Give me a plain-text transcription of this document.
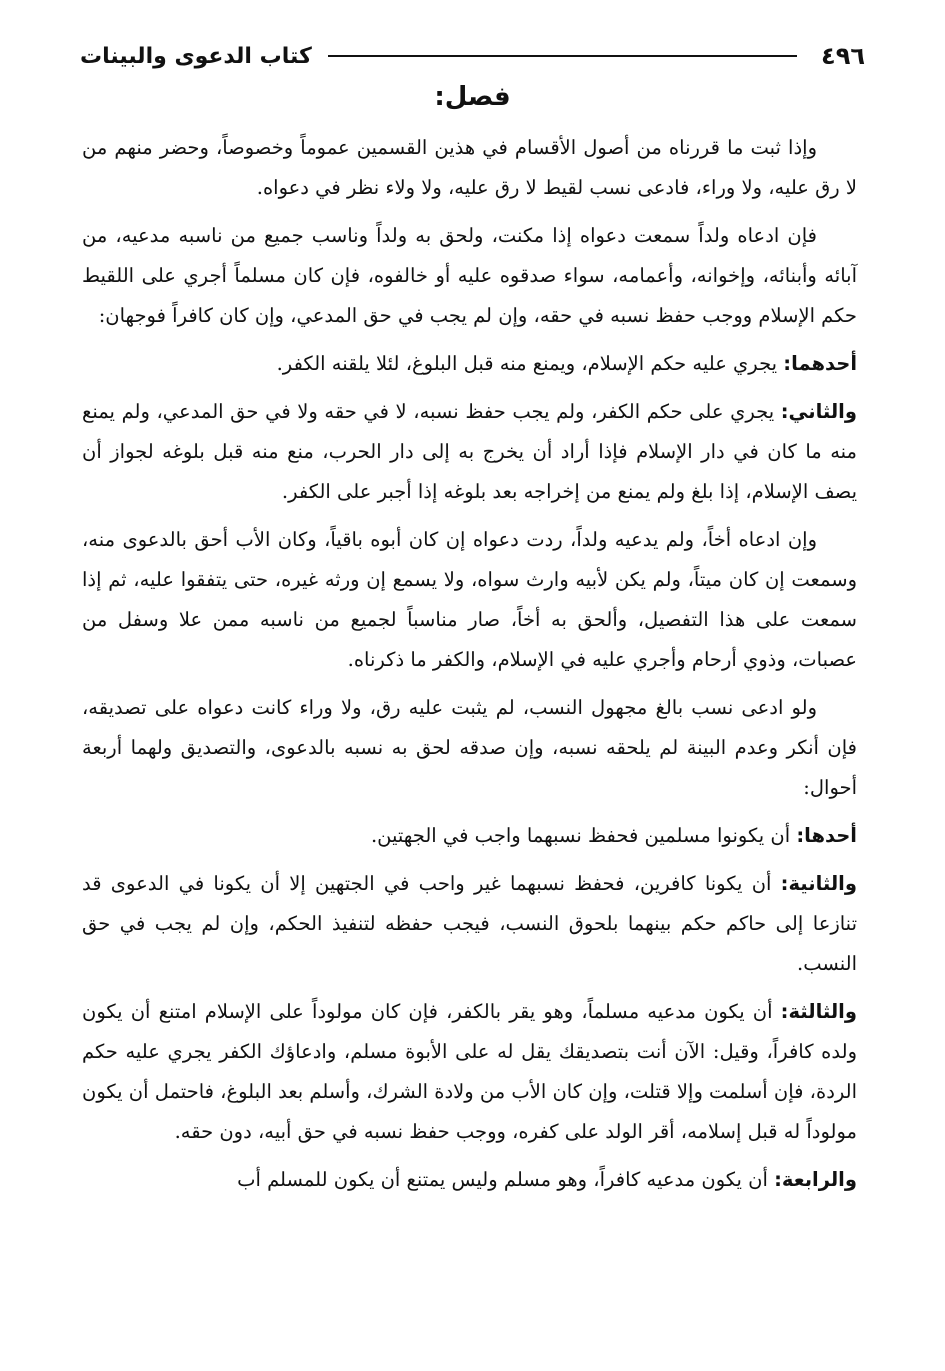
٤٩٦
كتاب الدعوى والبينات
فصل:

وإذا ثبت ما قررناه من أصول الأقسام في هذين القسمين عموماً وخصوصاً، وحضر منهم من لا رق عليه، ولا وراء، فادعى نسب لقيط لا رق عليه، ولا ولاء نظر في دعواه.

فإن ادعاه ولداً سمعت دعواه إذا مكنت، ولحق به ولداً وناسب جميع من ناسبه مدعيه، من آبائه وأبنائه، وإخوانه، وأعمامه، سواء صدقوه عليه أو خالفوه، فإن كان مسلماً أجري على اللقيط حكم الإسلام ووجب حفظ نسبه في حقه، وإن لم يجب في حق المدعي، وإن كان كافراً فوجهان:

أحدهما: يجري عليه حكم الإسلام، ويمنع منه قبل البلوغ، لئلا يلقنه الكفر.

والثاني: يجري على حكم الكفر، ولم يجب حفظ نسبه، لا في حقه ولا في حق المدعي، ولم يمنع منه ما كان في دار الإسلام فإذا أراد أن يخرج به إلى دار الحرب، منع منه قبل بلوغه لجواز أن يصف الإسلام، إذا بلغ ولم يمنع من إخراجه بعد بلوغه إذا أجبر على الكفر.

وإن ادعاه أخاً، ولم يدعيه ولداً، ردت دعواه إن كان أبوه باقياً، وكان الأب أحق بالدعوى منه، وسمعت إن كان ميتاً، ولم يكن لأبيه وارث سواه، ولا يسمع إن ورثه غيره، حتى يتفقوا عليه، ثم إذا سمعت على هذا التفصيل، وألحق به أخاً، صار مناسباً لجميع من ناسبه ممن علا وسفل من عصبات، وذوي أرحام وأجري عليه في الإسلام، والكفر ما ذكرناه.

ولو ادعى نسب بالغ مجهول النسب، لم يثبت عليه رق، ولا وراء كانت دعواه على تصديقه، فإن أنكر وعدم البينة لم يلحقه نسبه، وإن صدقه لحق به نسبه بالدعوى، والتصديق ولهما أربعة أحوال:

أحدها: أن يكونوا مسلمين فحفظ نسبهما واجب في الجهتين.

والثانية: أن يكونا كافرين، فحفظ نسبهما غير واحب في الجتهين إلا أن يكونا في الدعوى قد تنازعا إلى حاكم حكم بينهما بلحوق النسب، فيجب حفظه لتنفيذ الحكم، وإن لم يجب في حق النسب.

والثالثة: أن يكون مدعيه مسلماً، وهو يقر بالكفر، فإن كان مولوداً على الإسلام امتنع أن يكون ولده كافراً، وقيل: الآن أنت بتصديقك يقل له على الأبوة مسلم، وادعاؤك الكفر يجري عليه حكم الردة، فإن أسلمت وإلا قتلت، وإن كان الأب من ولادة الشرك، وأسلم بعد البلوغ، فاحتمل أن يكون مولوداً له قبل إسلامه، أقر الولد على كفره، ووجب حفظ نسبه في حق أبيه، دون حقه.

والرابعة: أن يكون مدعيه كافراً، وهو مسلم وليس يمتنع أن يكون للمسلم أب
